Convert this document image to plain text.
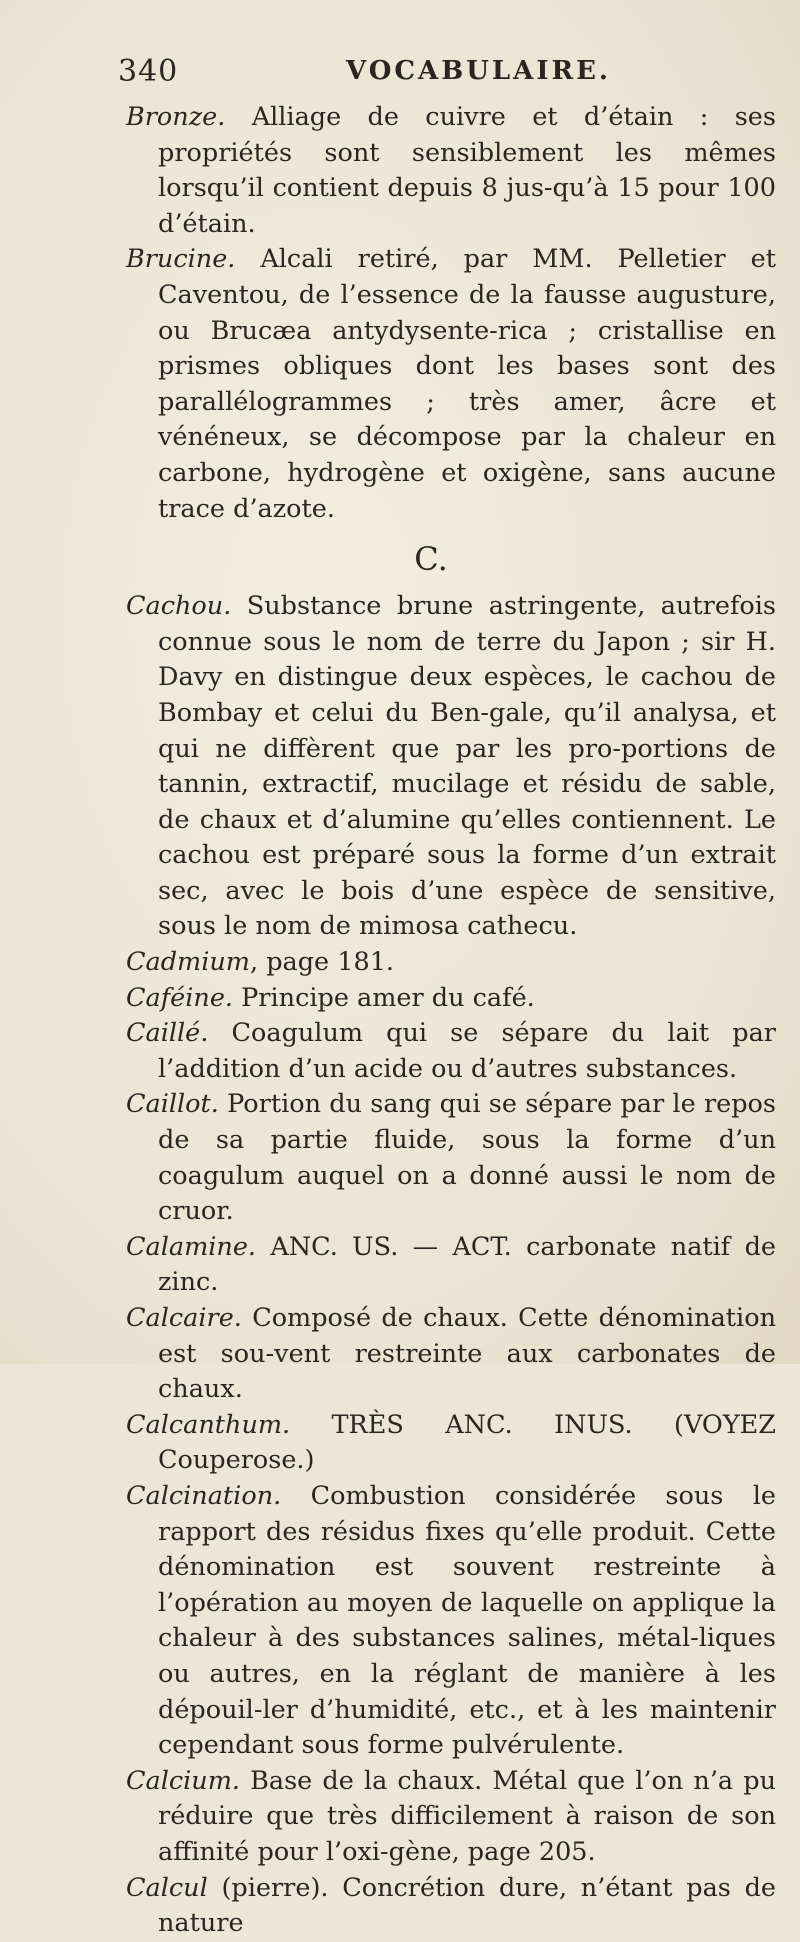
340	VOCABULAIRE.

Bronze. Alliage de cuivre et d’étain : ses propriétés sont sensiblement les mêmes lorsqu’il contient depuis 8 jus-qu’à 15 pour 100 d’étain.

Brucine. Alcali retiré, par MM. Pelletier et Caventou, de l’essence de la fausse augusture, ou Brucæa antydysente-rica ; cristallise en prismes obliques dont les bases sont des parallélogrammes ; très amer, âcre et vénéneux, se décompose par la chaleur en carbone, hydrogène et oxigène, sans aucune trace d’azote.

C.

Cachou. Substance brune astringente, autrefois connue sous le nom de terre du Japon ; sir H. Davy en distingue deux espèces, le cachou de Bombay et celui du Ben-gale, qu’il analysa, et qui ne diffèrent que par les pro-portions de tannin, extractif, mucilage et résidu de sable, de chaux et d’alumine qu’elles contiennent. Le cachou est préparé sous la forme d’un extrait sec, avec le bois d’une espèce de sensitive, sous le nom de mimosa cathecu.

Cadmium, page 181.

Caféine. Principe amer du café.

Caillé. Coagulum qui se sépare du lait par l’addition d’un acide ou d’autres substances.

Caillot. Portion du sang qui se sépare par le repos de sa partie fluide, sous la forme d’un coagulum auquel on a donné aussi le nom de cruor.

Calamine. ANC. US. — ACT. carbonate natif de zinc.

Calcaire. Composé de chaux. Cette dénomination est sou-vent restreinte aux carbonates de chaux.

Calcanthum. TRÈS ANC. INUS. (VOYEZ Couperose.)

Calcination. Combustion considérée sous le rapport des résidus fixes qu’elle produit. Cette dénomination est souvent restreinte à l’opération au moyen de laquelle on applique la chaleur à des substances salines, métal-liques ou autres, en la réglant de manière à les dépouil-ler d’humidité, etc., et à les maintenir cependant sous forme pulvérulente.

Calcium. Base de la chaux. Métal que l’on n’a pu réduire que très difficilement à raison de son affinité pour l’oxi-gène, page 205.

Calcul (pierre). Concrétion dure, n’étant pas de nature
